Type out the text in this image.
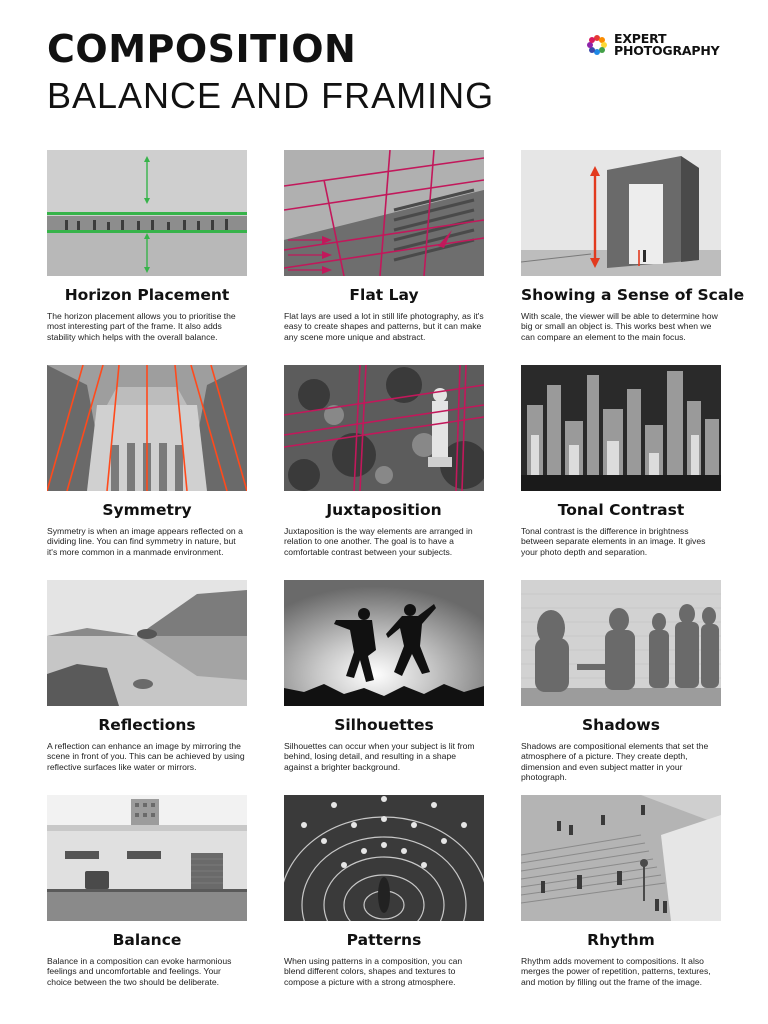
COMPOSITION
BALANCE AND FRAMING
EXPERT
PHOTOGRAPHY
Horizon Placement

The horizon placement allows you to prioritise the most interesting part of the frame. It also adds stability which helps with the overall balance.

Flat Lay

Flat lays are used a lot in still life photography, as it's easy to create shapes and patterns, but it can make any scene more unique and abstract.

Showing a Sense of Scale

With scale, the viewer will be able to determine how big or small an object is. This works best when we can compare an element to the main focus.

Symmetry

Symmetry is when an image appears reflected on a dividing line. You can find symmetry in nature, but it's more common in a manmade environment.

Juxtaposition

Juxtaposition is the way elements are arranged in relation to one another. The goal is to have a comfortable contrast between your subjects.

Tonal Contrast

Tonal contrast is the difference in brightness between separate elements in an image. It gives your photo depth and separation.

Reflections

A reflection can enhance an image by mirroring the scene in front of you. This can be achieved by using reflective surfaces like water or mirrors.

Silhouettes

Silhouettes can occur when your subject is lit from behind, losing detail, and resulting in a shape against a brighter background.

Shadows

Shadows are compositional elements that set the atmosphere of a picture. They create depth, dimension and even subject matter in your photograph.

Balance

Balance in a composition can evoke harmonious feelings and uncomfortable and feelings. Your choice between the two should be deliberate.

Patterns

When using patterns in a composition, you can blend different colors, shapes and textures to compose a picture with a strong atmosphere.

Rhythm

Rhythm adds movement to compositions. It also merges the power of repetition, patterns, textures, and motion by filling out the frame of the image.
